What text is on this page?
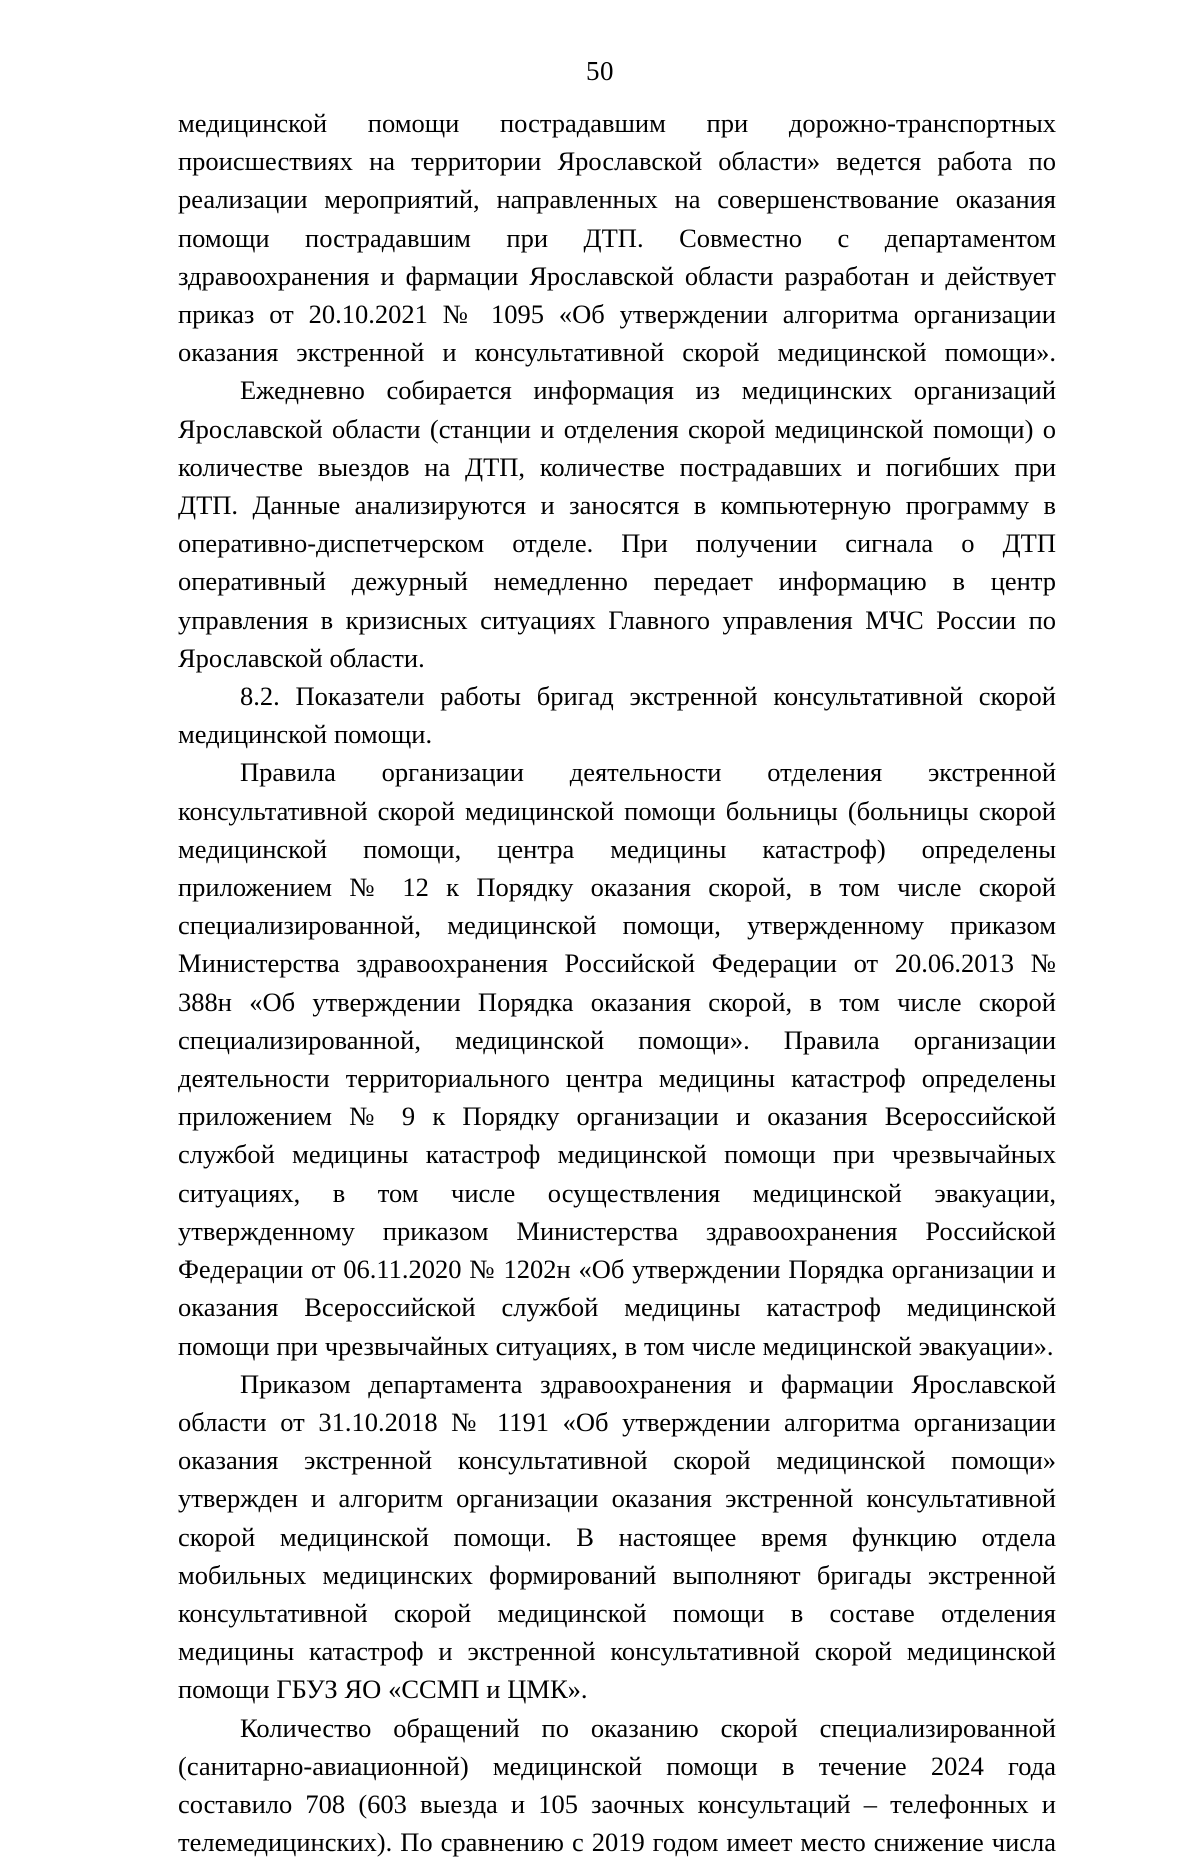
50

медицинской помощи пострадавшим при дорожно-транспортных происшествиях на территории Ярославской области» ведется работа по реализации мероприятий, направленных на совершенствование оказания помощи пострадавшим при ДТП. Совместно с департаментом здравоохранения и фармации Ярославской области разработан и действует приказ от 20.10.2021 № 1095 «Об утверждении алгоритма организации оказания экстренной и консультативной скорой медицинской помощи».

Ежедневно собирается информация из медицинских организаций Ярославской области (станции и отделения скорой медицинской помощи) о количестве выездов на ДТП, количестве пострадавших и погибших при ДТП. Данные анализируются и заносятся в компьютерную программу в оперативно-диспетчерском отделе. При получении сигнала о ДТП оперативный дежурный немедленно передает информацию в центр управления в кризисных ситуациях Главного управления МЧС России по Ярославской области.

8.2. Показатели работы бригад экстренной консультативной скорой медицинской помощи.

Правила организации деятельности отделения экстренной консультативной скорой медицинской помощи больницы (больницы скорой медицинской помощи, центра медицины катастроф) определены приложением № 12 к Порядку оказания скорой, в том числе скорой специализированной, медицинской помощи, утвержденному приказом Министерства здравоохранения Российской Федерации от 20.06.2013 № 388н «Об утверждении Порядка оказания скорой, в том числе скорой специализированной, медицинской помощи». Правила организации деятельности территориального центра медицины катастроф определены приложением № 9 к Порядку организации и оказания Всероссийской службой медицины катастроф медицинской помощи при чрезвычайных ситуациях, в том числе осуществления медицинской эвакуации, утвержденному приказом Министерства здравоохранения Российской Федерации от 06.11.2020 № 1202н «Об утверждении Порядка организации и оказания Всероссийской службой медицины катастроф медицинской помощи при чрезвычайных ситуациях, в том числе медицинской эвакуации».

Приказом департамента здравоохранения и фармации Ярославской области от 31.10.2018 № 1191 «Об утверждении алгоритма организации оказания экстренной консультативной скорой медицинской помощи» утвержден и алгоритм организации оказания экстренной консультативной скорой медицинской помощи. В настоящее время функцию отдела мобильных медицинских формирований выполняют бригады экстренной консультативной скорой медицинской помощи в составе отделения медицины катастроф и экстренной консультативной скорой медицинской помощи ГБУЗ ЯО «ССМП и ЦМК».

Количество обращений по оказанию скорой специализированной (санитарно-авиационной) медицинской помощи в течение 2024 года составило 708 (603 выезда и 105 заочных консультаций – телефонных и телемедицинских). По сравнению с 2019 годом имеет место снижение числа
